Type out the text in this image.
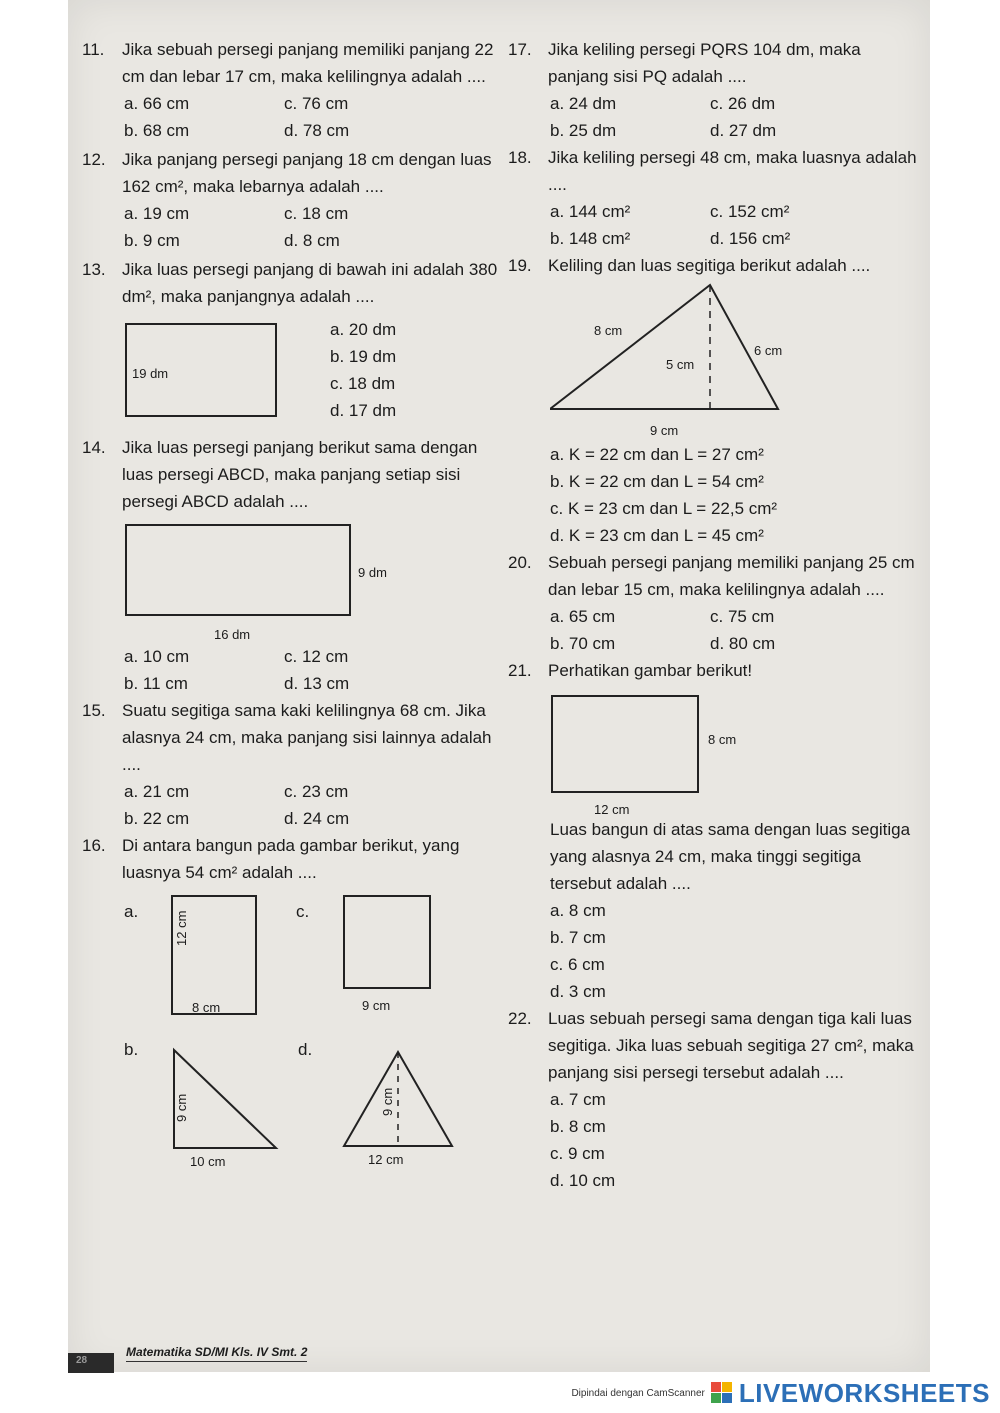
11.	Jika sebuah persegi panjang memiliki panjang 22 cm dan lebar 17 cm, maka kelilingnya adalah ....
a. 66 cm	c. 76 cm
b. 68 cm	d. 78 cm
12. Jika panjang persegi panjang 18 cm dengan luas 162 cm², maka lebarnya adalah ....
a. 19 cm	c. 18 cm
b. 9 cm	d. 8 cm
13. Jika luas persegi panjang di bawah ini adalah 380 dm², maka panjangnya adalah ....
19 dm
a. 20 dm
b. 19 dm
c. 18 dm
d. 17 dm
14. Jika luas persegi panjang berikut sama dengan luas persegi ABCD, maka panjang setiap sisi persegi ABCD adalah ....
9 dm
16 dm
a. 10 cm	c. 12 cm
b. 11 cm	d. 13 cm
15. Suatu segitiga sama kaki kelilingnya 68 cm. Jika alasnya 24 cm, maka panjang sisi lainnya adalah ....
a. 21 cm	c. 23 cm
b. 22 cm	d. 24 cm
16. Di antara bangun pada gambar berikut, yang luasnya 54 cm² adalah ....
a.	12 cm
8 cm
c.
9 cm
b.
9 cm
10 cm
d.
9 cm
12 cm
17. Jika keliling persegi PQRS 104 dm, maka panjang sisi PQ adalah ....
a. 24 dm	c. 26 dm
b. 25 dm	d. 27 dm
18. Jika keliling persegi 48 cm, maka luasnya adalah ....
a. 144 cm²	c. 152 cm²
b. 148 cm²	d. 156 cm²
19. Keliling dan luas segitiga berikut adalah ....
8 cm
6 cm
5 cm
9 cm
a. K = 22 cm dan L = 27 cm²
b. K = 22 cm dan L = 54 cm²
c. K = 23 cm dan L = 22,5 cm²
d. K = 23 cm dan L = 45 cm²
20. Sebuah persegi panjang memiliki panjang 25 cm dan lebar 15 cm, maka kelilingnya adalah ....
a. 65 cm	c. 75 cm
b. 70 cm	d. 80 cm
21. Perhatikan gambar berikut!
8 cm
12 cm
Luas bangun di atas sama dengan luas segitiga yang alasnya 24 cm, maka tinggi segitiga tersebut adalah ....
a. 8 cm
b. 7 cm
c. 6 cm
d. 3 cm
22. Luas sebuah persegi sama dengan tiga kali luas segitiga. Jika luas sebuah segitiga 27 cm², maka panjang sisi persegi tersebut adalah ....
a. 7 cm
b. 8 cm
c. 9 cm
d. 10 cm
28
Matematika SD/MI Kls. IV Smt. 2
Dipindai dengan CamScanner LIVEWORKSHEETS
